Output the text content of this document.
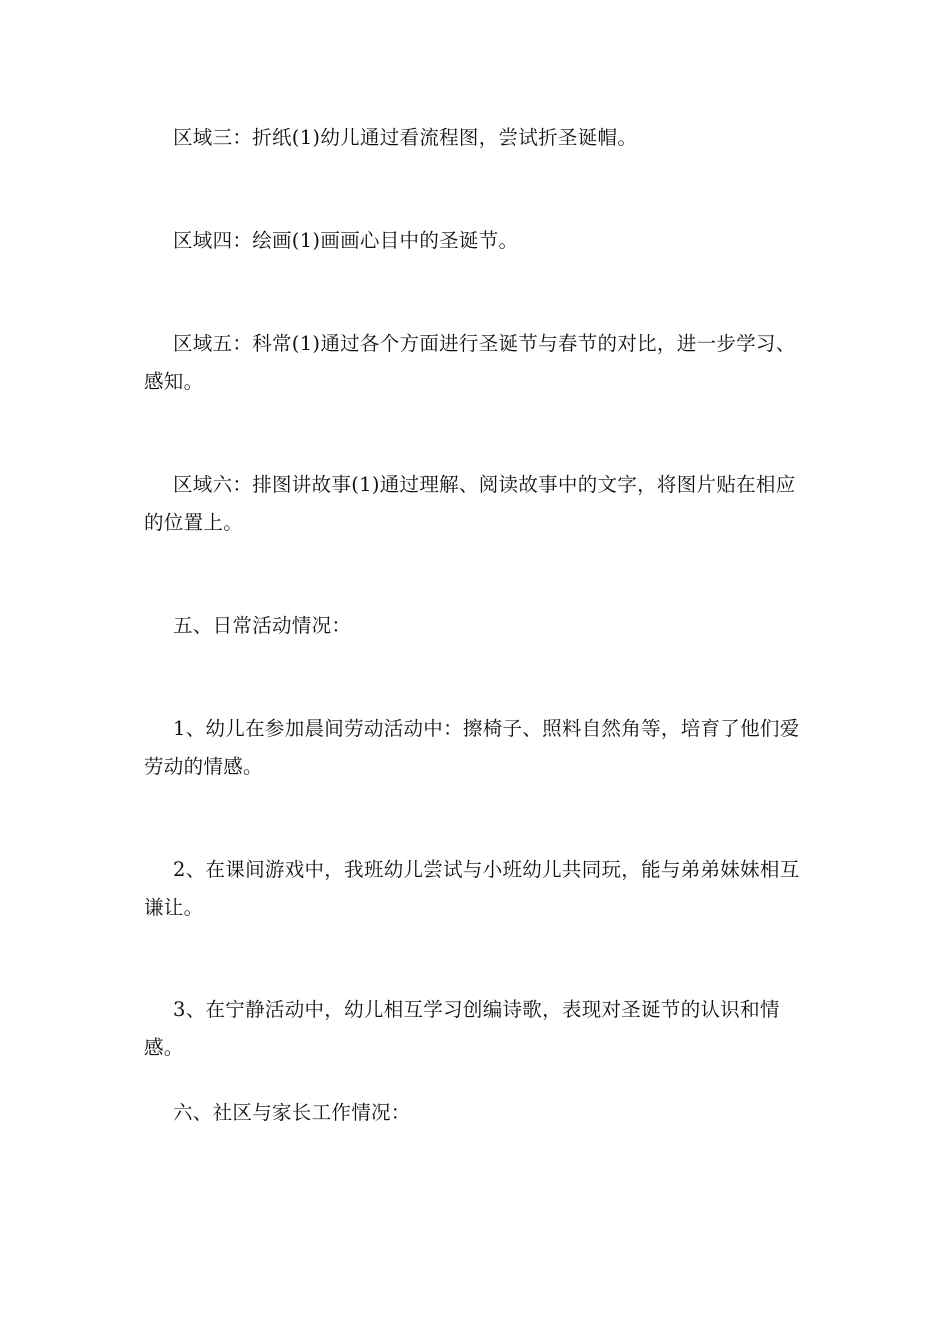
区域三：折纸(1)幼儿通过看流程图，尝试折圣诞帽。

区域四：绘画(1)画画心目中的圣诞节。

区域五：科常(1)通过各个方面进行圣诞节与春节的对比，进一步学习、感知。

区域六：排图讲故事(1)通过理解、阅读故事中的文字，将图片贴在相应的位置上。

五、日常活动情况：

1、幼儿在参加晨间劳动活动中：擦椅子、照料自然角等，培育了他们爱劳动的情感。

2、在课间游戏中，我班幼儿尝试与小班幼儿共同玩，能与弟弟妹妹相互谦让。

3、在宁静活动中，幼儿相互学习创编诗歌，表现对圣诞节的认识和情感。

六、社区与家长工作情况：
